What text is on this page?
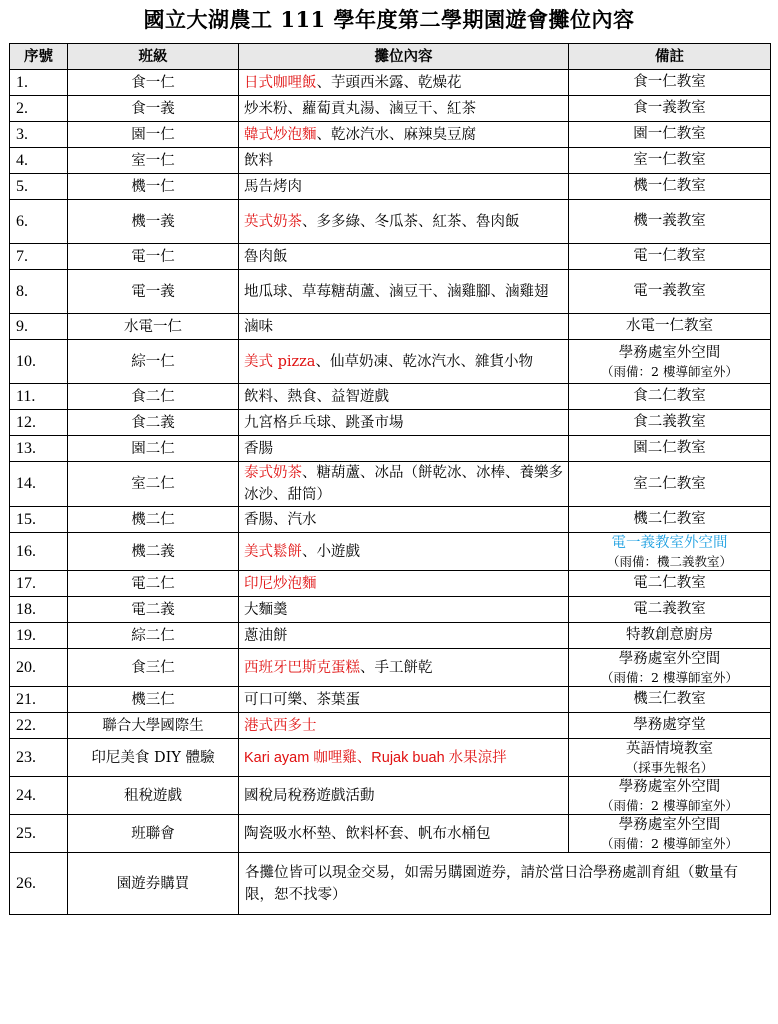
國立大湖農工 111 學年度第二學期園遊會攤位內容
序號	班級	攤位內容	備註
1.	食一仁	日式咖哩飯、芋頭西米露、乾燥花	食一仁教室

2.	食一義	炒米粉、蘿蔔貢丸湯、滷豆干、紅茶	食一義教室

3.	園一仁	韓式炒泡麵、乾冰汽水、麻辣臭豆腐	園一仁教室

4.	室一仁	飲料	室一仁教室

5.	機一仁	馬告烤肉	機一仁教室

6.	機一義	英式奶茶、多多綠、冬瓜茶、紅茶、魯肉飯	機一義教室

7.	電一仁	魯肉飯	電一仁教室

8.	電一義	地瓜球、草莓糖葫蘆、滷豆干、滷雞腳、滷雞翅	電一義教室

9.	水電一仁	滷味	水電一仁教室

10.	綜一仁	美式 pizza、仙草奶凍、乾冰汽水、雜貨小物	學務處室外空間
（雨備：2 樓導師室外）

11.	食二仁	飲料、熱食、益智遊戲	食二仁教室

12.	食二義	九宮格乒乓球、跳蚤市場	食二義教室

13.	園二仁	香腸	園二仁教室

14.	室二仁	泰式奶茶、糖葫蘆、冰品（餅乾冰、冰棒、養樂多冰沙、甜筒）	室二仁教室

15.	機二仁	香腸、汽水	機二仁教室

16.	機二義	美式鬆餅、小遊戲	電一義教室外空間
（雨備：機二義教室）

17.	電二仁	印尼炒泡麵	電二仁教室

18.	電二義	大麵羹	電二義教室

19.	綜二仁	蔥油餅	特教創意廚房

20.	食三仁	西班牙巴斯克蛋糕、手工餅乾	學務處室外空間
（雨備：2 樓導師室外）

21.	機三仁	可口可樂、茶葉蛋	機三仁教室

22.	聯合大學國際生	港式西多士	學務處穿堂

23.	印尼美食 DIY 體驗	Kari ayam 咖哩雞、Rujak buah 水果涼拌	英語情境教室
（採事先報名）

24.	租稅遊戲	國稅局稅務遊戲活動	學務處室外空間
（雨備：2 樓導師室外）

25.	班聯會	陶瓷吸水杯墊、飲料杯套、帆布水桶包	學務處室外空間
（雨備：2 樓導師室外）

26.	園遊券購買	各攤位皆可以現金交易，如需另購園遊券，請於當日洽學務處訓育組（數量有限，恕不找零）	
